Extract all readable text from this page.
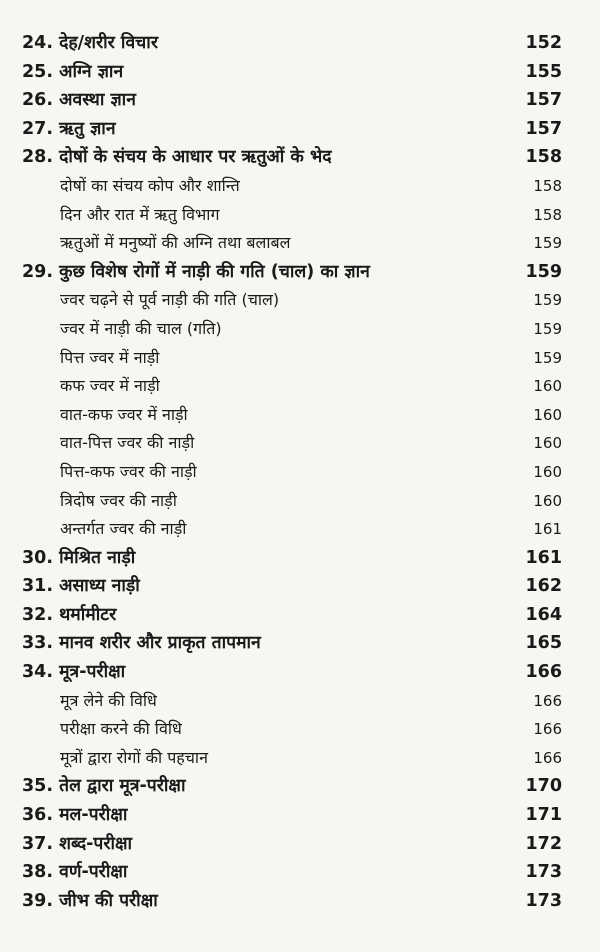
24. देह/शरीर विचार	152
25. अग्नि ज्ञान	155
26. अवस्था ज्ञान	157
27. ऋतु ज्ञान	157
28. दोषों के संचय के आधार पर ऋतुओं के भेद	158
दोषों का संचय कोप और शान्ति	158
दिन और रात में ऋतु विभाग	158
ऋतुओं में मनुष्यों की अग्नि तथा बलाबल	159
29. कुछ विशेष रोगों में नाड़ी की गति (चाल) का ज्ञान	159
ज्वर चढ़ने से पूर्व नाड़ी की गति (चाल)	159
ज्वर में नाड़ी की चाल (गति)	159
पित्त ज्वर में नाड़ी	159
कफ ज्वर में नाड़ी	160
वात-कफ ज्वर में नाड़ी	160
वात-पित्त ज्वर की नाड़ी	160
पित्त-कफ ज्वर की नाड़ी	160
त्रिदोष ज्वर की नाड़ी	160
अन्तर्गत ज्वर की नाड़ी	161
30. मिश्रित नाड़ी	161
31. असाध्य नाड़ी	162
32. थर्मामीटर	164
33. मानव शरीर और प्राकृत तापमान	165
34. मूत्र-परीक्षा	166
मूत्र लेने की विधि	166
परीक्षा करने की विधि	166
मूत्रों द्वारा रोगों की पहचान	166
35. तेल द्वारा मूत्र-परीक्षा	170
36. मल-परीक्षा	171
37. शब्द-परीक्षा	172
38. वर्ण-परीक्षा	173
39. जीभ की परीक्षा	173
